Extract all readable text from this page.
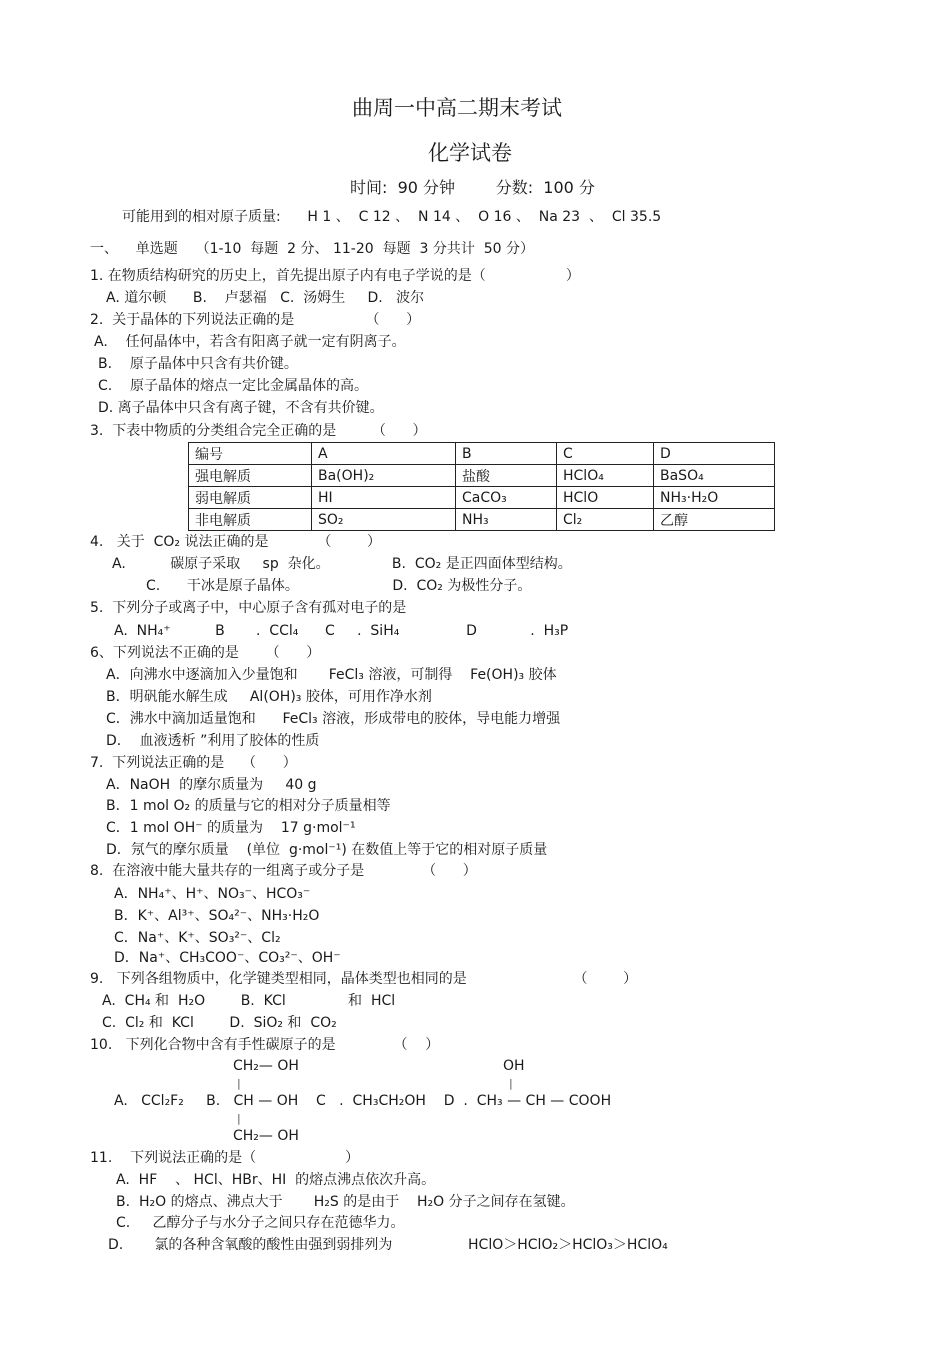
曲周一中高二期末考试
化学试卷
时间:  90 分钟        分数:  100 分
可能用到的相对原子质量:      H 1 、  C 12 、  N 14 、  O 16 、  Na 23  、  Cl 35.5
一、    单选题    （1-10  每题  2 分、 11-20  每题  3 分共计  50 分）
1. 在物质结构研究的历史上，首先提出原子内有电子学说的是（                  ）
A. 道尔顿      B.    卢瑟福   C.  汤姆生     D.   波尔
2.  关于晶体的下列说法正确的是                （      ）
A.    任何晶体中，若含有阳离子就一定有阴离子。
B.    原子晶体中只含有共价键。
C.    原子晶体的熔点一定比金属晶体的高。
D. 离子晶体中只含有离子键，不含有共价键。
3.  下表中物质的分类组合完全正确的是        （      ）
编号	A	B	C	D
强电解质	Ba(OH)₂	盐酸	HClO₄	BaSO₄
弱电解质	HI	CaCO₃	HClO	NH₃·H₂O
非电解质	SO₂	NH₃	Cl₂	乙醇
4.   关于  CO₂ 说法正确的是           （        ）
A.          碳原子采取     sp  杂化。              B.  CO₂ 是正四面体型结构。
C.      干冰是原子晶体。                     D.  CO₂ 为极性分子。
5.  下列分子或离子中，中心原子含有孤对电子的是
A.  NH₄⁺          B       .  CCl₄      C     .  SiH₄               D            .  H₃P
6、下列说法不正确的是      （      ）
A．向沸水中逐滴加入少量饱和       FeCl₃ 溶液，可制得    Fe(OH)₃ 胶体
B．明矾能水解生成     Al(OH)₃ 胶体，可用作净水剂
C．沸水中滴加适量饱和      FeCl₃ 溶液，形成带电的胶体，导电能力增强
D．  血液透析 ”利用了胶体的性质
7.  下列说法正确的是    （      ）
A．NaOH  的摩尔质量为     40 g
B．1 mol O₂ 的质量与它的相对分子质量相等
C．1 mol OH⁻ 的质量为    17 g·mol⁻¹
D．氖气的摩尔质量    (单位  g·mol⁻¹) 在数值上等于它的相对原子质量
8.  在溶液中能大量共存的一组离子或分子是             （      ）
A．NH₄⁺、H⁺、NO₃⁻、HCO₃⁻
B．K⁺、Al³⁺、SO₄²⁻、NH₃·H₂O
C．Na⁺、K⁺、SO₃²⁻、Cl₂
D．Na⁺、CH₃COO⁻、CO₃²⁻、OH⁻
9.   下列各组物质中，化学键类型相同，晶体类型也相同的是                        （        ）
A.  CH₄ 和  H₂O        B.  KCl              和  HCl
C.  Cl₂ 和  KCl        D.  SiO₂ 和  CO₂
10.   下列化合物中含有手性碳原子的是             （    ）
CH₂— OH	OH
|	|
A.   CCl₂F₂     B.   CH — OH    C   .  CH₃CH₂OH    D  .  CH₃ — CH — COOH
|
CH₂— OH
11.    下列说法正确的是（                    ）
A.  HF    、 HCl、HBr、HI  的熔点沸点依次升高。
B.  H₂O 的熔点、沸点大于       H₂S 的是由于    H₂O 分子之间存在氢键。
C.     乙醇分子与水分子之间只存在范德华力。
D.       氯的各种含氧酸的酸性由强到弱排列为                 HClO＞HClO₂＞HClO₃＞HClO₄
